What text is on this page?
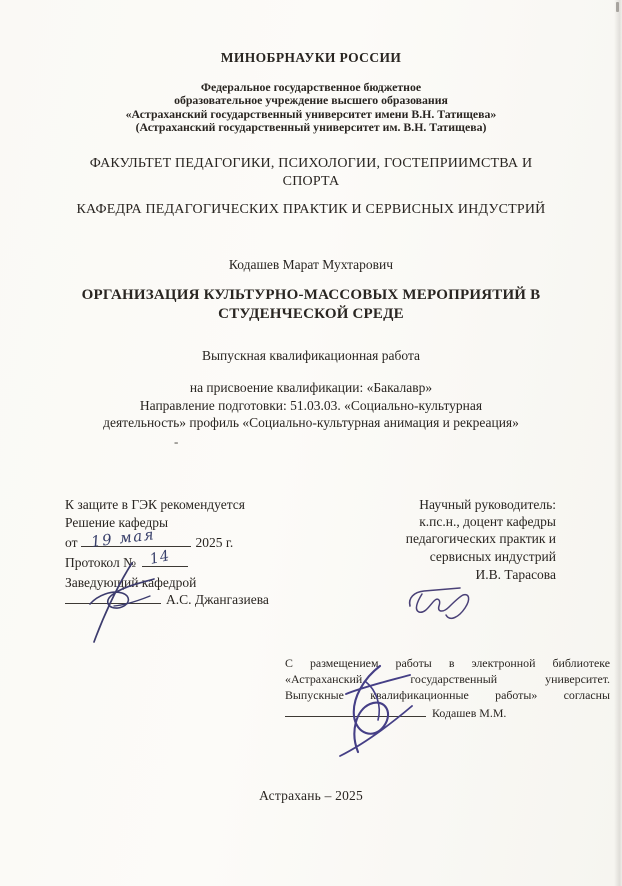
МИНОБРНАУКИ РОССИИ
Федеральное государственное бюджетное
образовательное учреждение высшего образования
«Астраханский государственный университет имени В.Н. Татищева»
(Астраханский государственный университет им. В.Н. Татищева)
ФАКУЛЬТЕТ ПЕДАГОГИКИ, ПСИХОЛОГИИ, ГОСТЕПРИИМСТВА И
СПОРТА
КАФЕДРА ПЕДАГОГИЧЕСКИХ ПРАКТИК И СЕРВИСНЫХ ИНДУСТРИЙ
Кодашев Марат Мухтарович
ОРГАНИЗАЦИЯ КУЛЬТУРНО-МАССОВЫХ МЕРОПРИЯТИЙ В
СТУДЕНЧЕСКОЙ СРЕДЕ
Выпускная квалификационная работа
на присвоение квалификации: «Бакалавр»
Направление подготовки: 51.03.03. «Социально-культурная
деятельность» профиль «Социально-культурная анимация и рекреация»
-
К защите в ГЭК рекомендуется
Решение кафедры
от 19 мая	2025 г.
Протокол № 14
Заведующий кафедрой
А.С. Джангазиева
Научный руководитель:
к.пс.н., доцент кафедры
педагогических практик и
сервисных индустрий
И.В. Тарасова
С размещением работы в электронной библиотеке
«Астраханский государственный университет.
Выпускные квалификационные работы» согласны
Кодашев М.М.
Астрахань – 2025
